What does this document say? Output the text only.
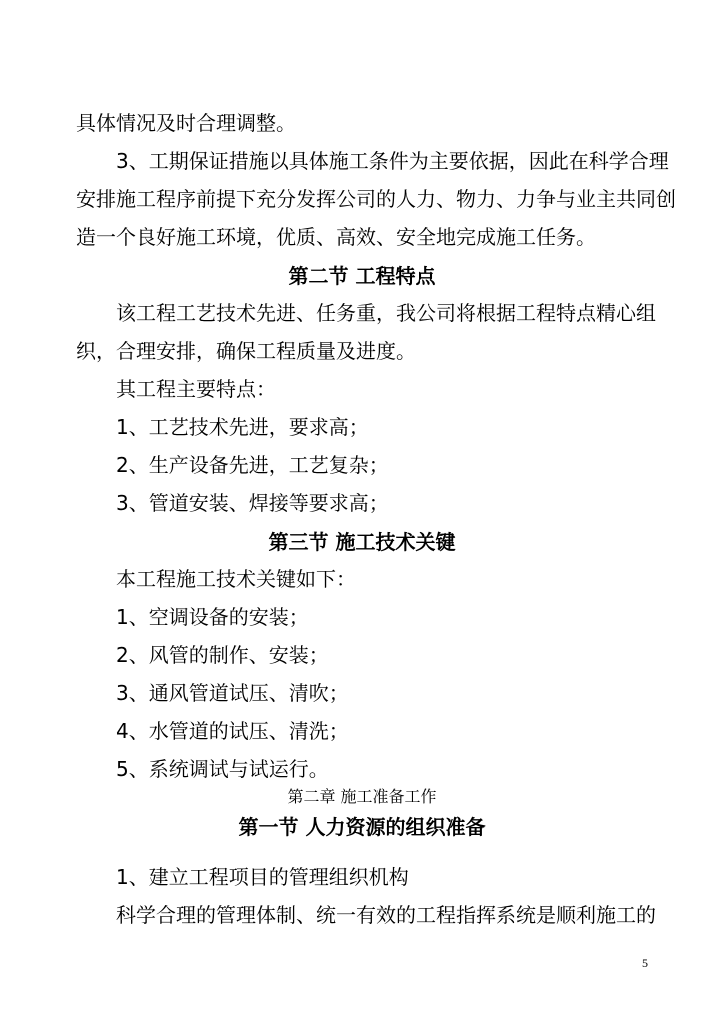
具体情况及时合理调整。
3、工期保证措施以具体施工条件为主要依据，因此在科学合理
安排施工程序前提下充分发挥公司的人力、物力、力争与业主共同创
造一个良好施工环境，优质、高效、安全地完成施工任务。
第二节 工程特点
该工程工艺技术先进、任务重，我公司将根据工程特点精心组
织，合理安排，确保工程质量及进度。
其工程主要特点：
1、工艺技术先进，要求高；
2、生产设备先进，工艺复杂；
3、管道安装、焊接等要求高；
第三节 施工技术关键
本工程施工技术关键如下：
1、空调设备的安装；
2、风管的制作、安装；
3、通风管道试压、清吹；
4、水管道的试压、清洗；
5、系统调试与试运行。
第二章 施工准备工作
第一节 人力资源的组织准备
1、建立工程项目的管理组织机构
科学合理的管理体制、统一有效的工程指挥系统是顺利施工的
5
